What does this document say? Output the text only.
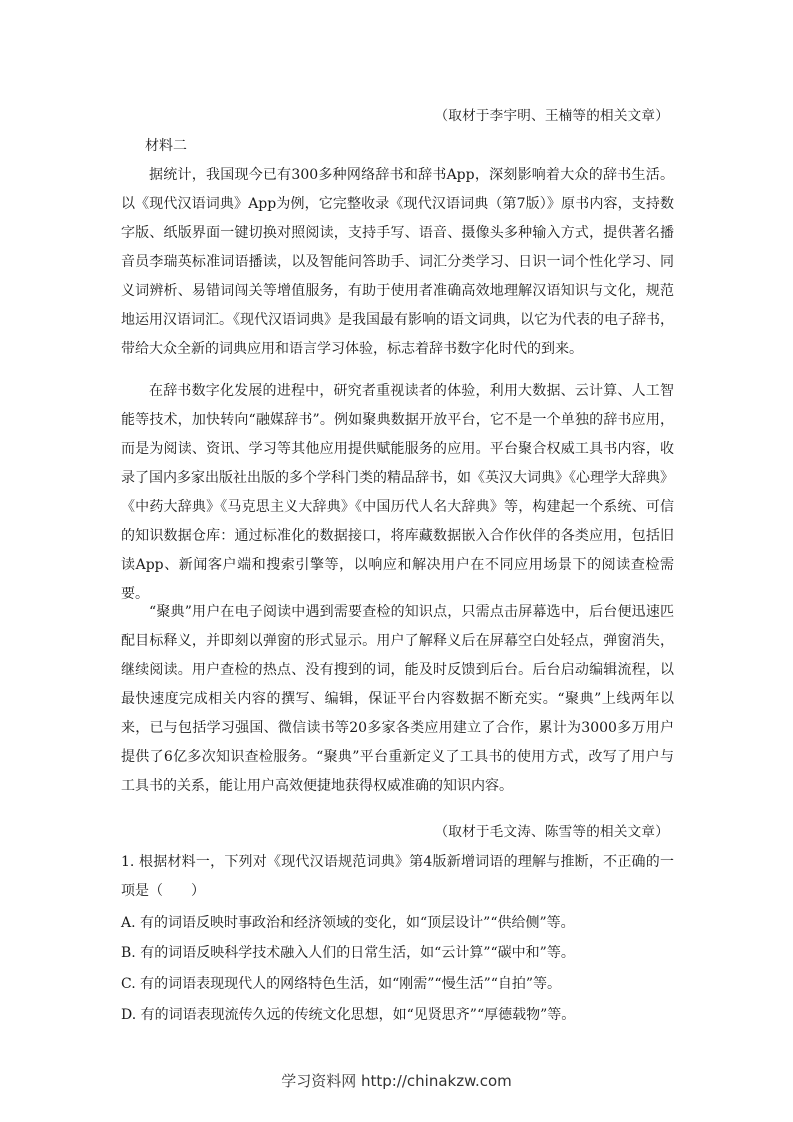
（取材于李宇明、王楠等的相关文章）
材料二

据统计，我国现今已有300多种网络辞书和辞书App，深刻影响着大众的辞书生活。以《现代汉语词典》App为例，它完整收录《现代汉语词典（第7版）》原书内容，支持数字版、纸版界面一键切换对照阅读，支持手写、语音、摄像头多种输入方式，提供著名播音员李瑞英标准词语播读，以及智能问答助手、词汇分类学习、日识一词个性化学习、同义词辨析、易错词闯关等增值服务，有助于使用者准确高效地理解汉语知识与文化，规范地运用汉语词汇。《现代汉语词典》是我国最有影响的语文词典，以它为代表的电子辞书，带给大众全新的词典应用和语言学习体验，标志着辞书数字化时代的到来。

在辞书数字化发展的进程中，研究者重视读者的体验，利用大数据、云计算、人工智能等技术，加快转向“融媒辞书”。例如聚典数据开放平台，它不是一个单独的辞书应用，而是为阅读、资讯、学习等其他应用提供赋能服务的应用。平台聚合权威工具书内容，收录了国内多家出版社出版的多个学科门类的精品辞书，如《英汉大词典》《心理学大辞典》《中药大辞典》《马克思主义大辞典》《中国历代人名大辞典》等，构建起一个系统、可信的知识数据仓库：通过标准化的数据接口，将库藏数据嵌入合作伙伴的各类应用，包括旧读App、新闻客户端和搜索引擎等，以响应和解决用户在不同应用场景下的阅读查检需要。

“聚典”用户在电子阅读中遇到需要查检的知识点，只需点击屏幕选中，后台便迅速匹配目标释义，并即刻以弹窗的形式显示。用户了解释义后在屏幕空白处轻点，弹窗消失，继续阅读。用户查检的热点、没有搜到的词，能及时反馈到后台。后台启动编辑流程，以最快速度完成相关内容的撰写、编辑，保证平台内容数据不断充实。“聚典”上线两年以来，已与包括学习强国、微信读书等20多家各类应用建立了合作，累计为3000多万用户提供了6亿多次知识查检服务。“聚典”平台重新定义了工具书的使用方式，改写了用户与工具书的关系，能让用户高效便捷地获得权威准确的知识内容。

（取材于毛文涛、陈雪等的相关文章）

1. 根据材料一，下列对《现代汉语规范词典》第4版新增词语的理解与推断，不正确的一项是（　　）

A. 有的词语反映时事政治和经济领域的变化，如“顶层设计”“供给侧”等。
B. 有的词语反映科学技术融入人们的日常生活，如“云计算”“碳中和”等。
C. 有的词语表现现代人的网络特色生活，如“刚需”“慢生活”“自拍”等。
D. 有的词语表现流传久远的传统文化思想，如“见贤思齐”“厚德载物”等。
学习资料网 http://chinakzw.com
